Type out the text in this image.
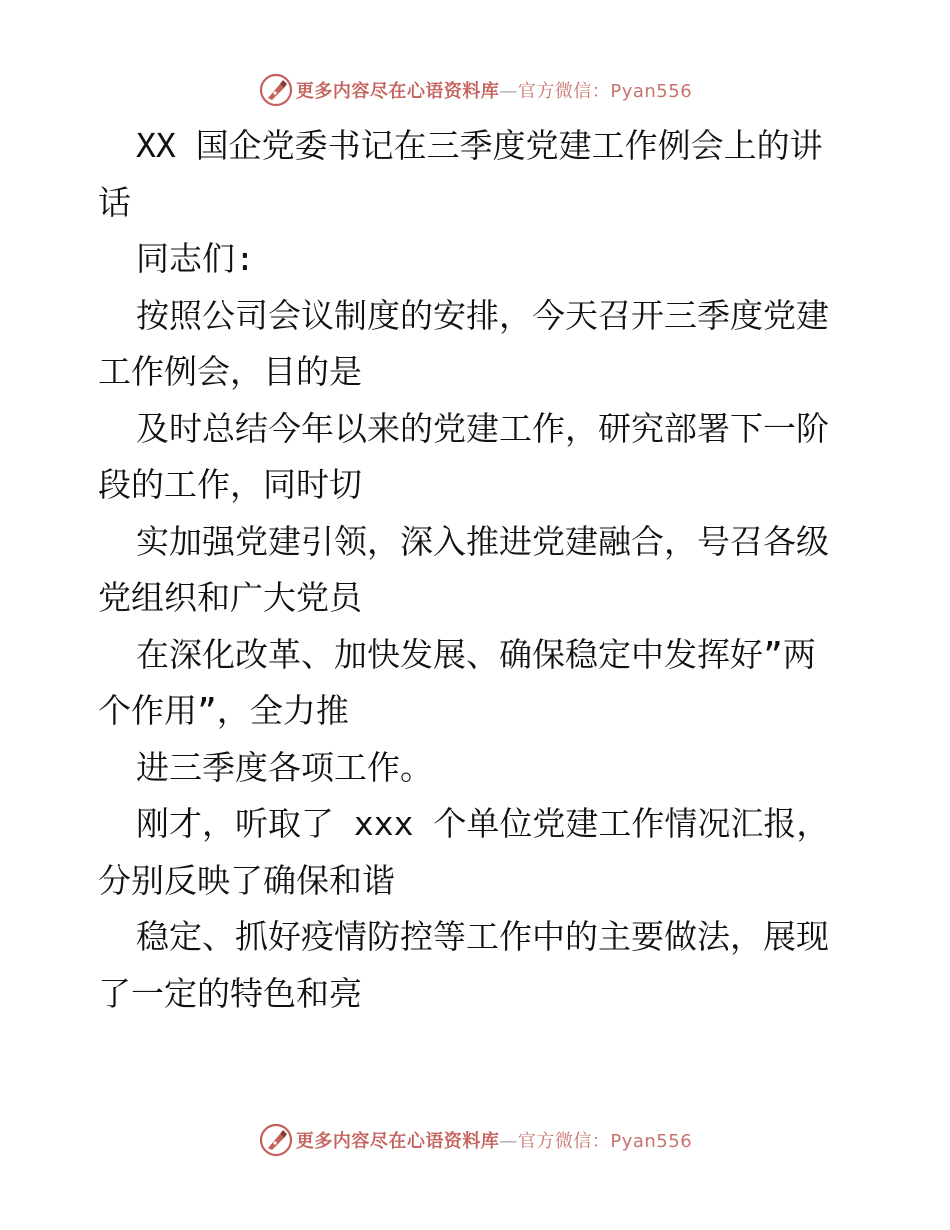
更多内容尽在心语资料库—官方微信：Pyan556
XX 国企党委书记在三季度党建工作例会上的讲
话
同志们:
按照公司会议制度的安排，今天召开三季度党建
工作例会，目的是
及时总结今年以来的党建工作，研究部署下一阶
段的工作，同时切
实加强党建引领，深入推进党建融合，号召各级
党组织和广大党员
在深化改革、加快发展、确保稳定中发挥好”两
个作用”，全力推
进三季度各项工作。
刚才，听取了 xxx 个单位党建工作情况汇报，
分别反映了确保和谐
稳定、抓好疫情防控等工作中的主要做法，展现
了一定的特色和亮
更多内容尽在心语资料库—官方微信：Pyan556
